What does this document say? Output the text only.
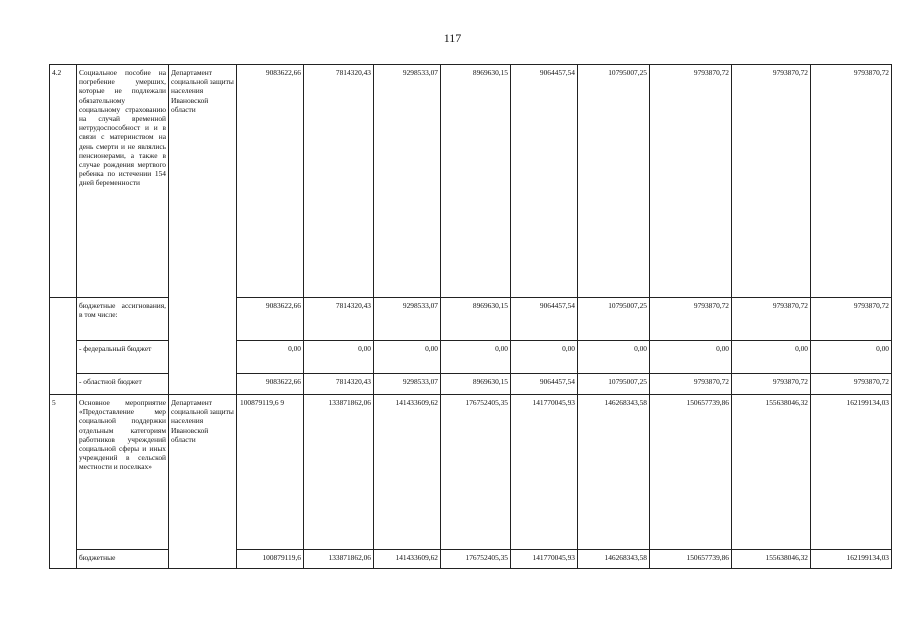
117
4.2	Социальное пособие на погребение умерших, которые не подлежали обязательному социальному страхованию на случай временной нетрудоспособност и и в связи с материнством на день смерти и не являлись пенсионерами, а также в случае рождения мертвого ребенка по истечении 154 дней беременности	Департамент социальной защиты населения Ивановской области	9083622,66	7814320,43	9298533,07	8969630,15	9064457,54	10795007,25	9793870,72	9793870,72	9793870,72
	бюджетные ассигнования, в том числе:		9083622,66	7814320,43	9298533,07	8969630,15	9064457,54	10795007,25	9793870,72	9793870,72	9793870,72
	- федеральный бюджет		0,00	0,00	0,00	0,00	0,00	0,00	0,00	0,00	0,00
	- областной бюджет		9083622,66	7814320,43	9298533,07	8969630,15	9064457,54	10795007,25	9793870,72	9793870,72	9793870,72
5	Основное мероприятие «Предоставление мер социальной поддержки отдельным категориям работников учреждений социальной сферы и иных учреждений в сельской местности и поселках»	Департамент социальной защиты населения Ивановской области	100879119,6 9	133871862,06	141433609,62	176752405,35	141770045,93	146268343,58	150657739,86	155638046,32	162199134,03
	бюджетные		100879119,6	133871862,06	141433609,62	176752405,35	141770045,93	146268343,58	150657739,86	155638046,32	162199134,03
